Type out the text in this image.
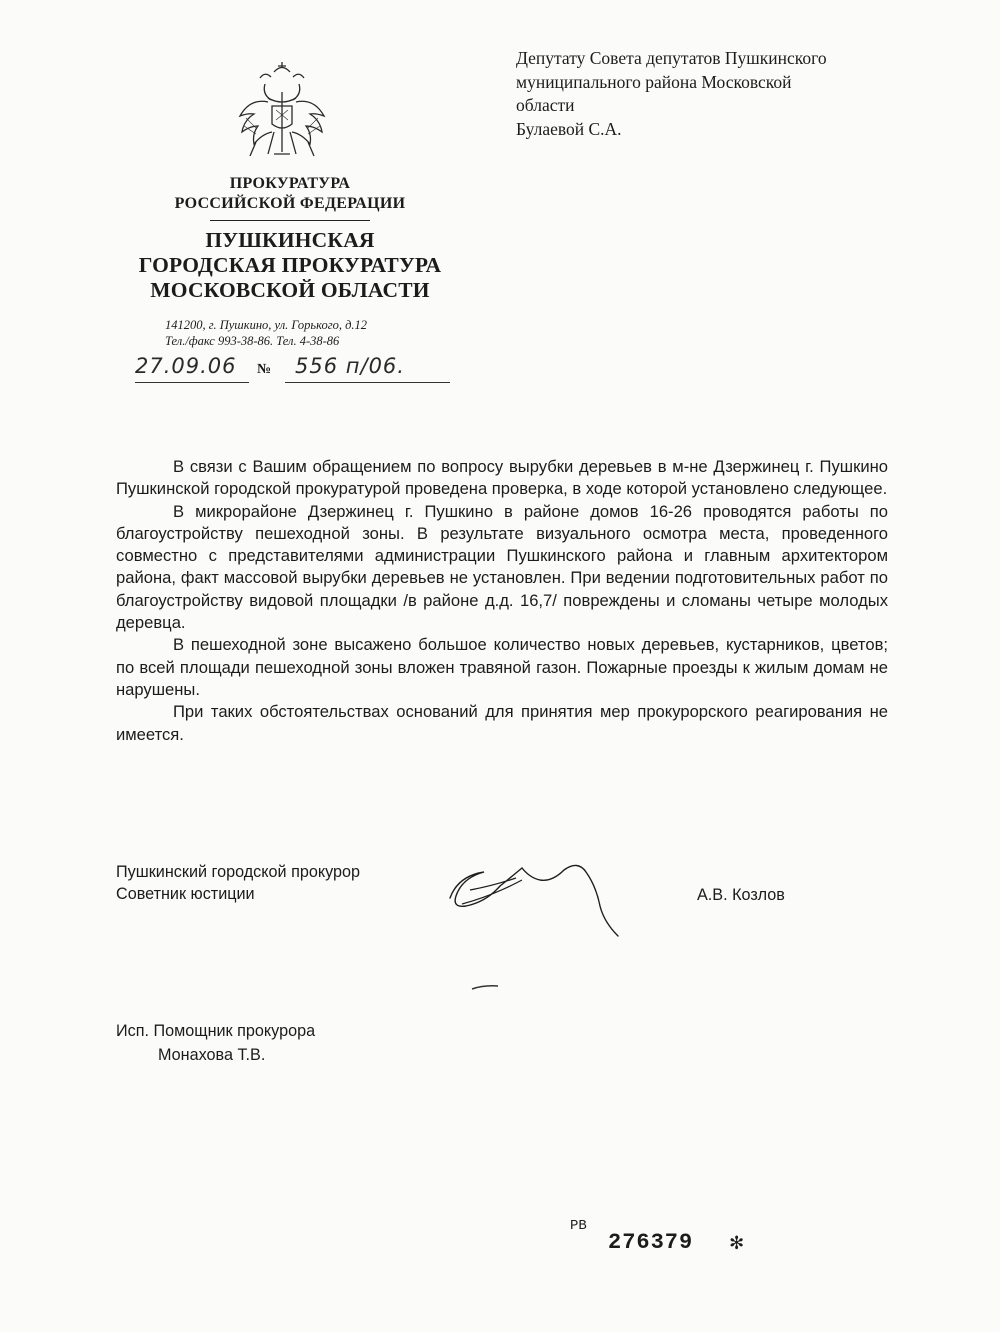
Депутату Совета депутатов Пушкинского
муниципального района Московской
области
Булаевой С.А.
ПРОКУРАТУРА
РОССИЙСКОЙ ФЕДЕРАЦИИ
ПУШКИНСКАЯ
ГОРОДСКАЯ ПРОКУРАТУРА
МОСКОВСКОЙ ОБЛАСТИ
141200, г. Пушкино, ул. Горького, д.12
Тел./факс 993-38-86. Тел. 4-38-86
27.09.06 № 556 п/06.

В связи с Вашим обращением по вопросу вырубки деревьев в м-не Дзержинец г. Пушкино Пушкинской городской прокуратурой проведена проверка, в ходе которой установлено следующее.

В микрорайоне Дзержинец г. Пушкино в районе домов 16-26 проводятся работы по благоустройству пешеходной зоны. В результате визуального осмотра места, проведенного совместно с представителями администрации Пушкинского района и главным архитектором района, факт массовой вырубки деревьев не установлен. При ведении подготовительных работ по благоустройству видовой площадки /в районе д.д. 16,7/ повреждены и сломаны четыре молодых деревца.

В пешеходной зоне высажено большое количество новых деревьев, кустарников, цветов; по всей площади пешеходной зоны вложен травяной газон. Пожарные проезды к жилым домам не нарушены.

При таких обстоятельствах оснований для принятия мер прокурорского реагирования не имеется.

Пушкинский городской прокурор
Советник юстиции	А.В. Козлов
Исп. Помощник прокурора
Монахова Т.В.
РВ
276379 ✻
